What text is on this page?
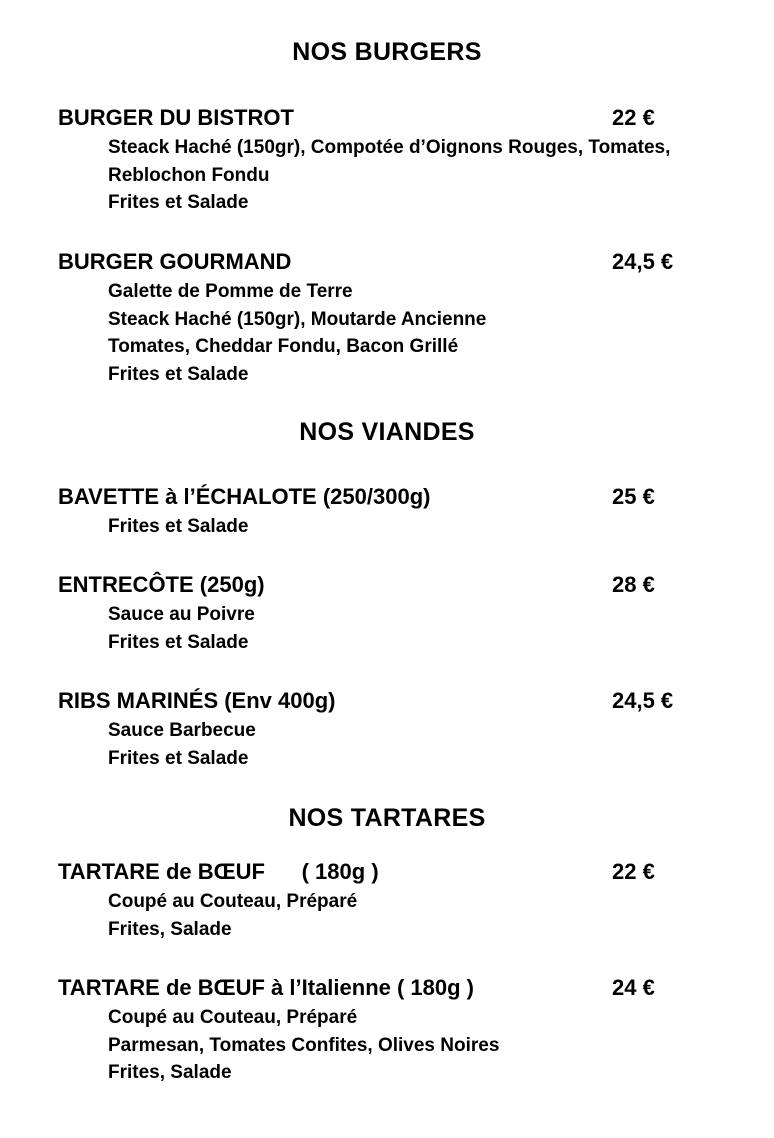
NOS BURGERS
BURGER DU BISTROT	22 €
Steack Haché (150gr), Compotée d’Oignons Rouges, Tomates,
Reblochon Fondu
Frites et Salade
BURGER GOURMAND	24,5 €
Galette de Pomme de Terre
Steack Haché (150gr), Moutarde Ancienne
Tomates, Cheddar Fondu, Bacon Grillé
Frites et Salade
NOS VIANDES
BAVETTE à l’ÉCHALOTE (250/300g)	25 €
Frites et Salade
ENTRECÔTE (250g)	28 €
Sauce au Poivre
Frites et Salade
RIBS MARINÉS (Env 400g)	24,5 €
Sauce Barbecue
Frites et Salade
NOS TARTARES
TARTARE de BŒUF      ( 180g )	22 €
Coupé au Couteau, Préparé
Frites, Salade
TARTARE de BŒUF à l’Italienne ( 180g )	24 €
Coupé au Couteau, Préparé
Parmesan, Tomates Confites, Olives Noires
Frites, Salade
